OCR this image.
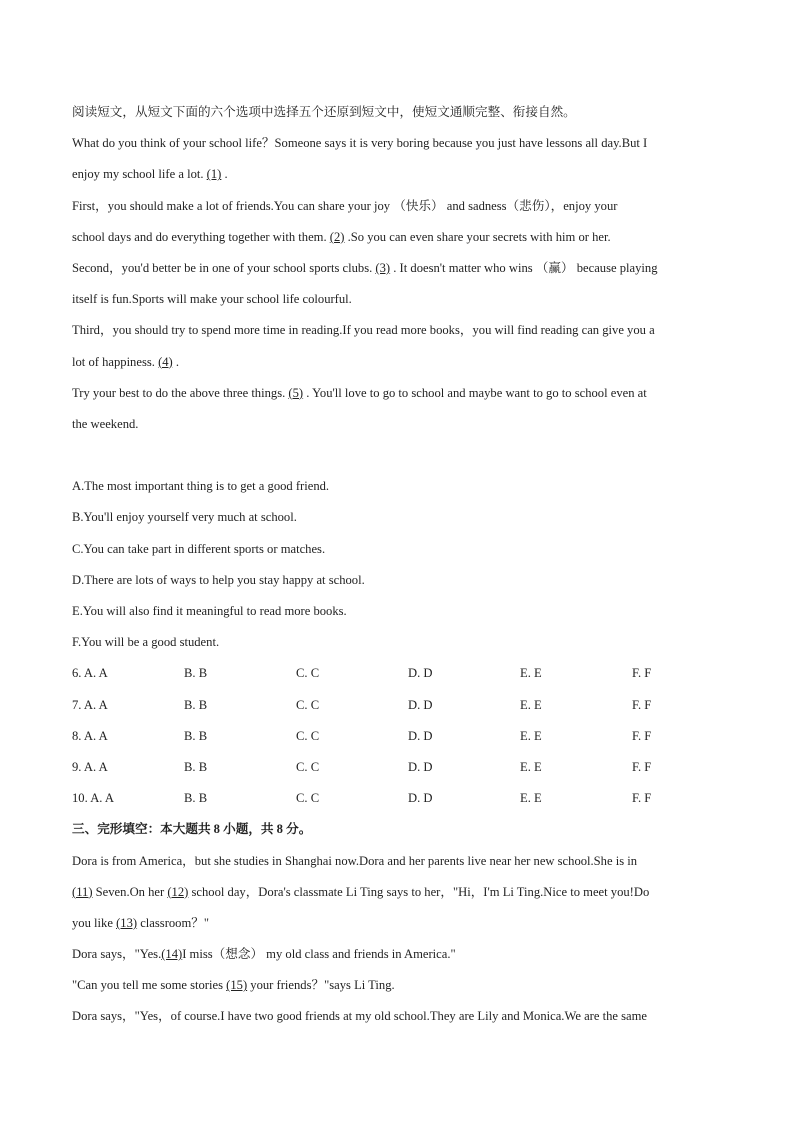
阅读短文，从短文下面的六个选项中选择五个还原到短文中，使短文通顺完整、衔接自然。
What do you think of your school life？Someone says it is very boring because you just have lessons all day.But I
enjoy my school life a lot. (1) .
First，you should make a lot of friends.You can share your joy （快乐） and sadness（悲伤），enjoy your
school days and do everything together with them. (2) .So you can even share your secrets with him or her.
Second，you'd better be in one of your school sports clubs. (3) . It doesn't matter who wins （赢） because playing
itself is fun.Sports will make your school life colourful.
Third，you should try to spend more time in reading.If you read more books，you will find reading can give you a
lot of happiness. (4) .
Try your best to do the above three things. (5) . You'll love to go to school and maybe want to go to school even at
the weekend.
A.The most important thing is to get a good friend.
B.You'll enjoy yourself very much at school.
C.You can take part in different sports or matches.
D.There are lots of ways to help you stay happy at school.
E.You will also find it meaningful to read more books.
F.You will be a good student.
6. A. A	B. B	C. C	D. D	E. E	F. F
7. A. A	B. B	C. C	D. D	E. E	F. F
8. A. A	B. B	C. C	D. D	E. E	F. F
9. A. A	B. B	C. C	D. D	E. E	F. F
10. A. A	B. B	C. C	D. D	E. E	F. F
三、完形填空：本大题共 8 小题，共 8 分。
Dora is from America，but she studies in Shanghai now.Dora and her parents live near her new school.She is in
(11) Seven.On her (12) school day，Dora's classmate Li Ting says to her，"Hi，I'm Li Ting.Nice to meet you!Do
you like (13) classroom？"
Dora says，"Yes.(14)I miss（想念） my old class and friends in America."
"Can you tell me some stories (15) your friends？"says Li Ting.
Dora says，"Yes，of course.I have two good friends at my old school.They are Lily and Monica.We are the same
